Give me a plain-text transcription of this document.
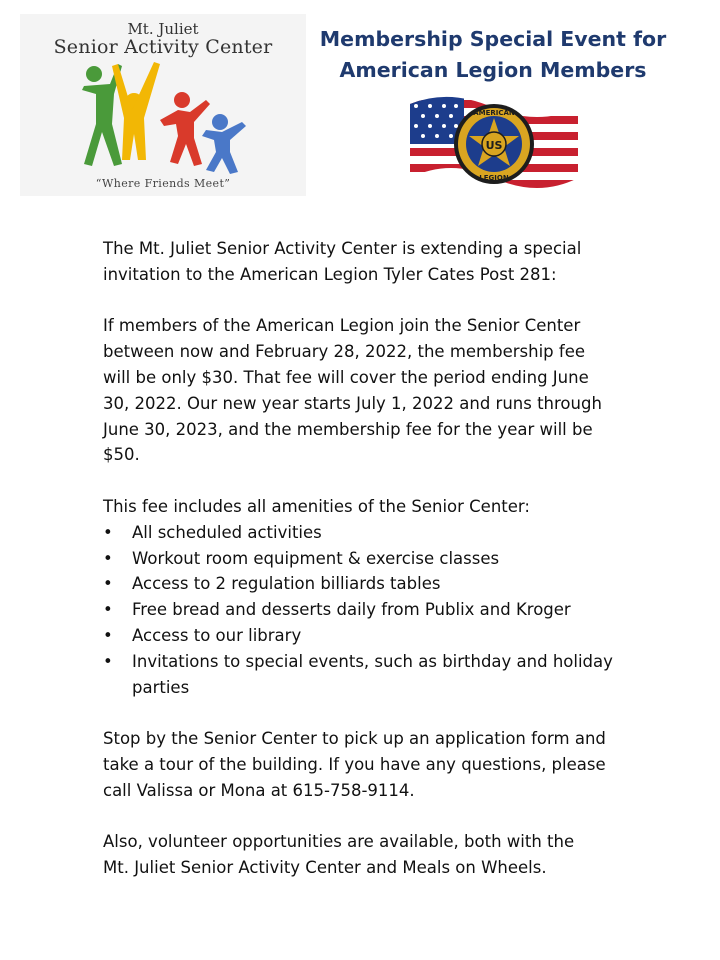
Mt. Juliet
Senior Activity Center
“Where Friends Meet”
Membership Special Event for
American Legion Members
US
AMERICAN
LEGION
The Mt. Juliet Senior Activity Center is extending a special
invitation to the American Legion Tyler Cates Post 281:
If members of the American Legion join the Senior Center
between now and February 28, 2022, the membership fee
will be only $30. That fee will cover the period ending June
30, 2022. Our new year starts July 1, 2022 and runs through
June 30, 2023, and the membership fee for the year will be
$50.
This fee includes all amenities of the Senior Center:
• All scheduled activities
• Workout room equipment & exercise classes
• Access to 2 regulation billiards tables
• Free bread and desserts daily from Publix and Kroger
• Access to our library
• Invitations to special events, such as birthday and holiday
parties
Stop by the Senior Center to pick up an application form and
take a tour of the building. If you have any questions, please
call Valissa or Mona at 615-758-9114.
Also, volunteer opportunities are available, both with the
Mt. Juliet Senior Activity Center and Meals on Wheels.
